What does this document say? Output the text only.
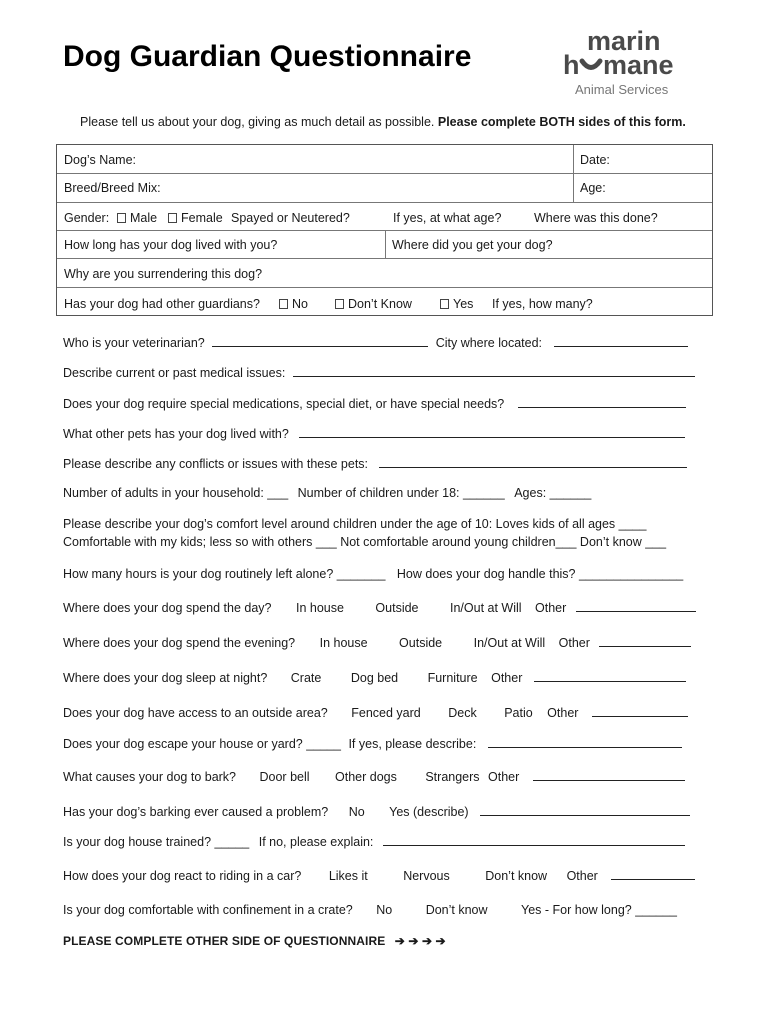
Dog Guardian Questionnaire	marin
h mane
Animal Services
Please tell us about your dog, giving as much detail as possible. Please complete BOTH sides of this form.
Dog’s Name:	Date:
Breed/Breed Mix:	Age:
Gender:	Male	Female Spayed or Neutered?	If yes, at what age?	Where was this done?
How long has your dog lived with you?	Where did you get your dog?
Why are you surrendering this dog?
Has your dog had other guardians?	No	Don’t Know	Yes If yes, how many?
Who is your veterinarian?	City where located:
Describe current or past medical issues:
Does your dog require special medications, special diet, or have special needs?
What other pets has your dog lived with?
Please describe any conflicts or issues with these pets:
Number of adults in your household: ___ Number of children under 18: ______ Ages: ______
Please describe your dog’s comfort level around children under the age of 10: Loves kids of all ages ____
Comfortable with my kids; less so with others ___ Not comfortable around young children___ Don’t know ___
How many hours is your dog routinely left alone? _______ How does your dog handle this? _______________
Where does your dog spend the day? In house	Outside	In/Out at Will Other
Where does your dog spend the evening? In house	Outside	In/Out at Will Other
Where does your dog sleep at night? Crate Dog bed Furniture Other
Does your dog have access to an outside area? Fenced yard Deck Patio Other
Does your dog escape your house or yard? _____ If yes, please describe:
What causes your dog to bark? Door bell Other dogs Strangers Other
Has your dog’s barking ever caused a problem? No Yes (describe)
Is your dog house trained? _____ If no, please explain:
How does your dog react to riding in a car? Likes it	Nervous	Don’t know Other
Is your dog comfortable with confinement in a crate? No	Don’t know	Yes - For how long? ______
PLEASE COMPLETE OTHER SIDE OF QUESTIONNAIRE ➔ ➔ ➔ ➔
